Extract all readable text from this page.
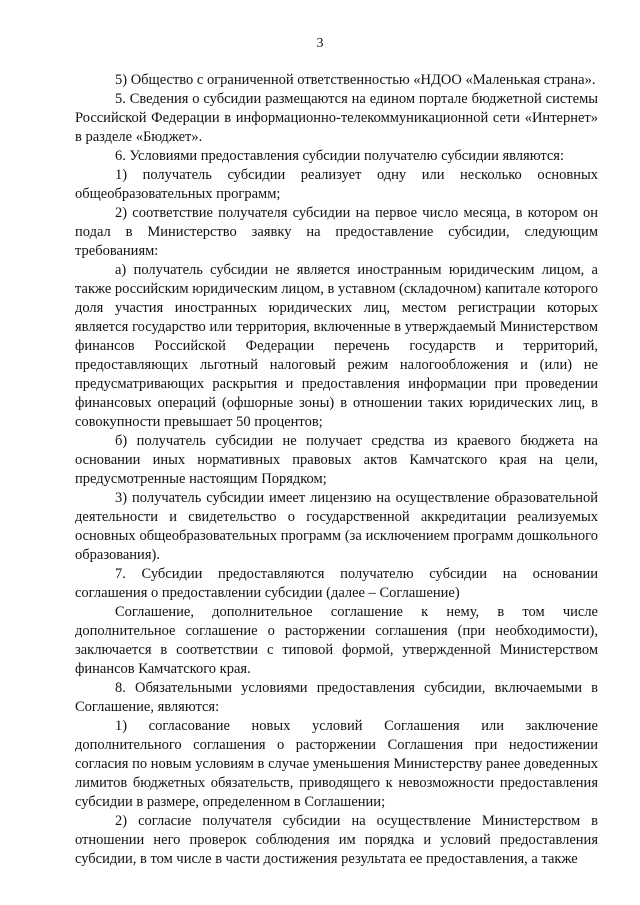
3

5) Общество с ограниченной ответственностью «НДОО «Маленькая страна».

5. Сведения о субсидии размещаются на едином портале бюджетной системы Российской Федерации в информационно-телекоммуникационной сети «Интернет» в разделе «Бюджет».

6. Условиями предоставления субсидии получателю субсидии являются:

1) получатель субсидии реализует одну или несколько основных общеобразовательных программ;

2) соответствие получателя субсидии на первое число месяца, в котором он подал в Министерство заявку на предоставление субсидии, следующим требованиям:

а) получатель субсидии не является иностранным юридическим лицом, а также российским юридическим лицом, в уставном (складочном) капитале которого доля участия иностранных юридических лиц, местом регистрации которых является государство или территория, включенные в утверждаемый Министерством финансов Российской Федерации перечень государств и территорий, предоставляющих льготный налоговый режим налогообложения и (или) не предусматривающих раскрытия и предоставления информации при проведении финансовых операций (офшорные зоны) в отношении таких юридических лиц, в совокупности превышает 50 процентов;

б) получатель субсидии не получает средства из краевого бюджета на основании иных нормативных правовых актов Камчатского края на цели, предусмотренные настоящим Порядком;

3) получатель субсидии имеет лицензию на осуществление образовательной деятельности и свидетельство о государственной аккредитации реализуемых основных общеобразовательных программ (за исключением программ дошкольного образования).

7. Субсидии предоставляются получателю субсидии на основании соглашения о предоставлении субсидии (далее – Соглашение)

Соглашение, дополнительное соглашение к нему, в том числе дополнительное соглашение о расторжении соглашения (при необходимости), заключается в соответствии с типовой формой, утвержденной Министерством финансов Камчатского края.

8. Обязательными условиями предоставления субсидии, включаемыми в Соглашение, являются:

1) согласование новых условий Соглашения или заключение дополнительного соглашения о расторжении Соглашения при недостижении согласия по новым условиям в случае уменьшения Министерству ранее доведенных лимитов бюджетных обязательств, приводящего к невозможности предоставления субсидии в размере, определенном в Соглашении;

2) согласие получателя субсидии на осуществление Министерством в отношении него проверок соблюдения им порядка и условий предоставления субсидии, в том числе в части достижения результата ее предоставления, а также
